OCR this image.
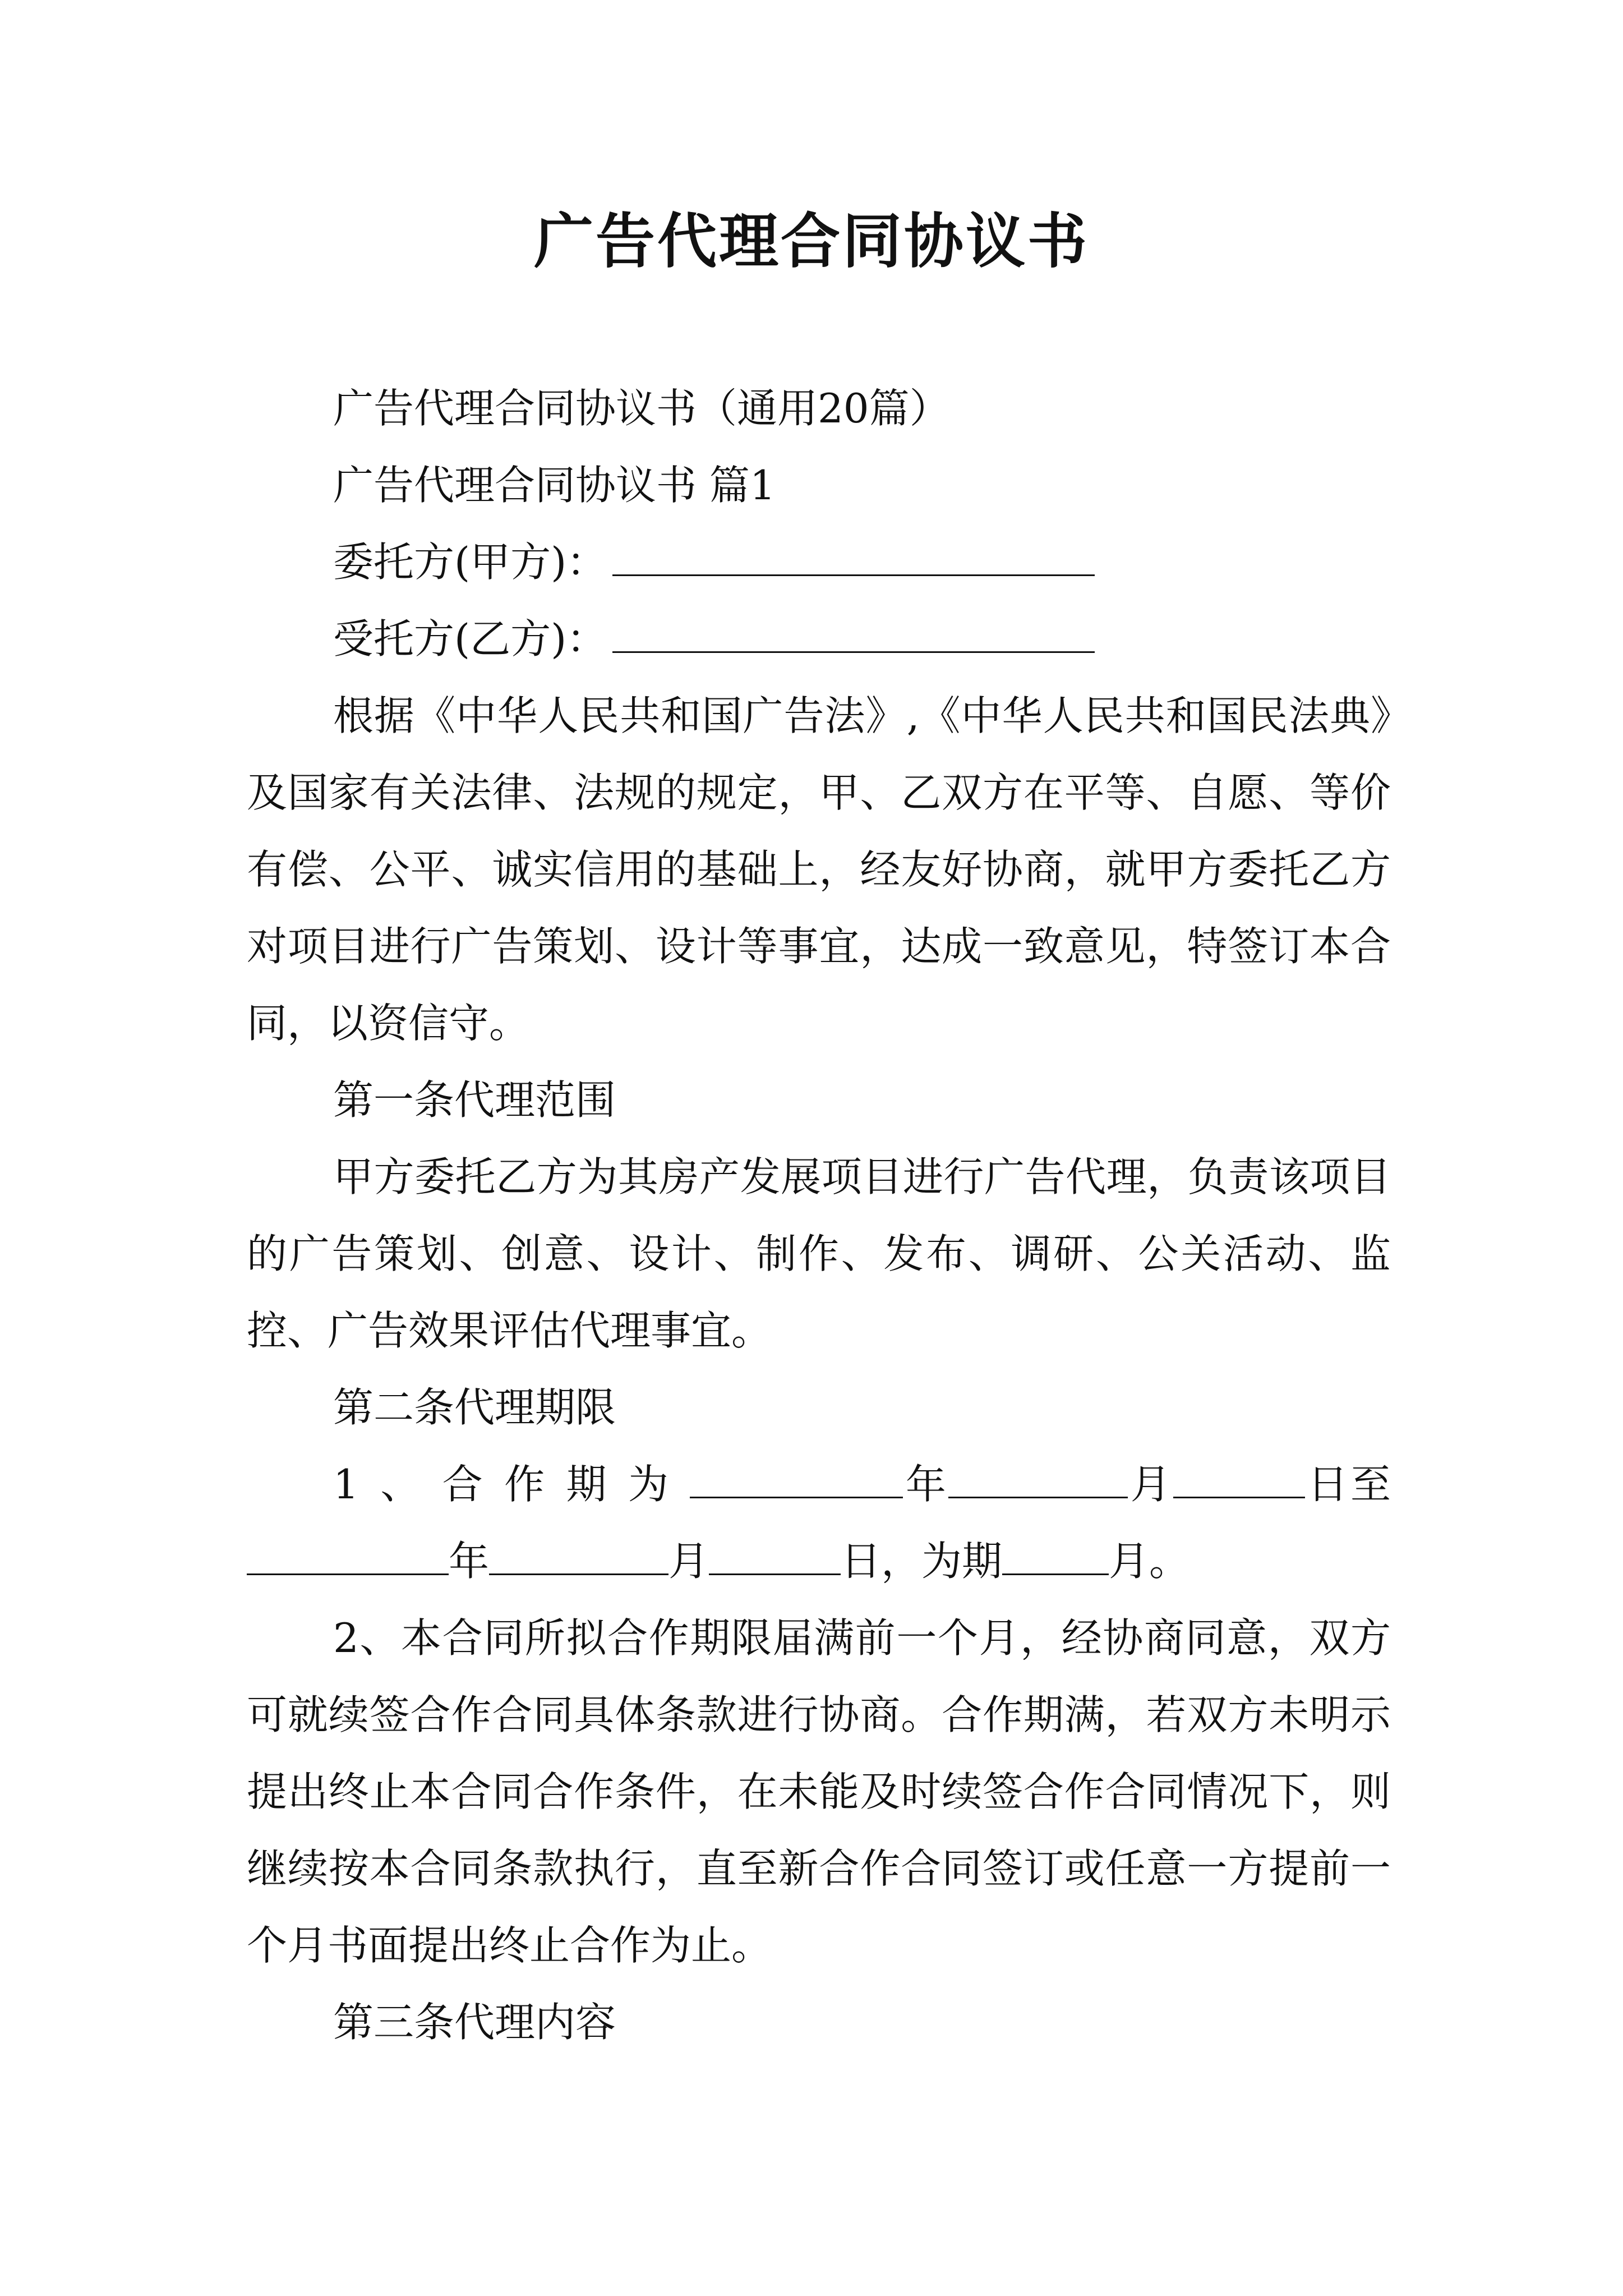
广告代理合同协议书

广告代理合同协议书（通用20篇）

广告代理合同协议书 篇1

委托方(甲方)：

受托方(乙方)：

根据《中华人民共和国广告法》,《中华人民共和国民法典》及国家有关法律、法规的规定，甲、乙双方在平等、自愿、等价有偿、公平、诚实信用的基础上，经友好协商，就甲方委托乙方对项目进行广告策划、设计等事宜，达成一致意见，特签订本合同，以资信守。

第一条代理范围

甲方委托乙方为其房产发展项目进行广告代理，负责该项目的广告策划、创意、设计、制作、发布、调研、公关活动、监控、广告效果评估代理事宜。

第二条代理期限

1、合作期为	年	月	日至年	月	日，为期	月。

2、本合同所拟合作期限届满前一个月，经协商同意，双方可就续签合作合同具体条款进行协商。合作期满，若双方未明示提出终止本合同合作条件，在未能及时续签合作合同情况下，则继续按本合同条款执行，直至新合作合同签订或任意一方提前一个月书面提出终止合作为止。

第三条代理内容
